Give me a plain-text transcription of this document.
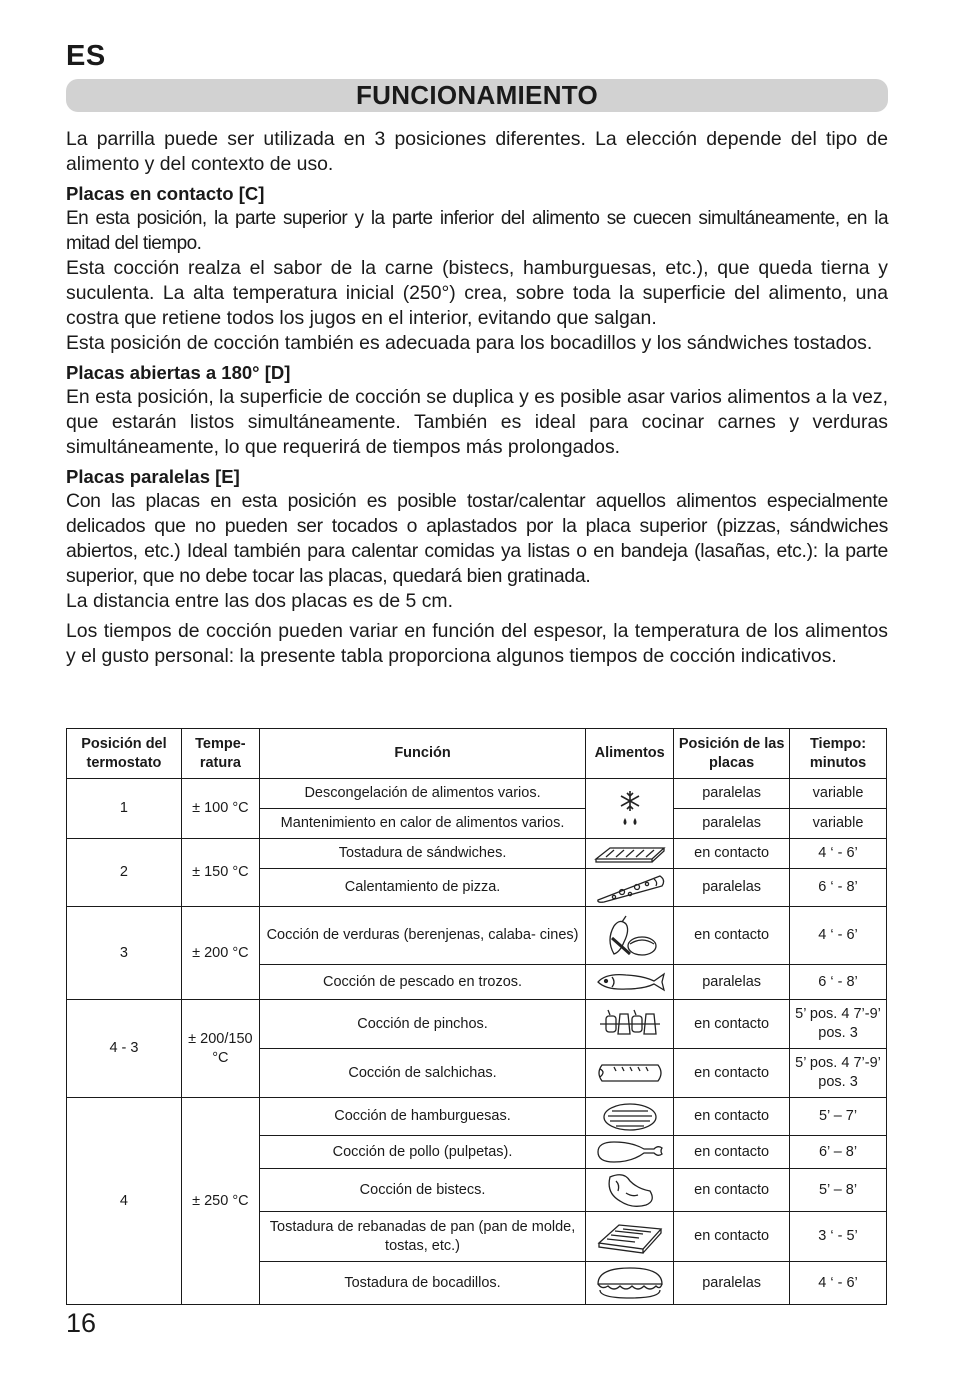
ES
FUNCIONAMIENTO

La parrilla puede ser utilizada en 3 posiciones diferentes. La elección depende del tipo de alimento y del contexto de uso.

Placas en contacto [C]

En esta posición, la parte superior y la parte inferior del alimento se cuecen simultáneamente, en la mitad del tiempo.

Esta cocción realza el sabor de la carne (bistecs, hamburguesas, etc.), que queda tierna y suculenta. La alta temperatura inicial (250°) crea, sobre toda la superficie del alimento, una costra que retiene todos los jugos en el interior, evitando que salgan.

Esta posición de cocción también es adecuada para los bocadillos y los sándwiches tostados.

Placas abiertas a 180° [D]

En esta posición, la superficie de cocción se duplica y es posible asar varios alimentos a la vez, que estarán listos simultáneamente. También es ideal para cocinar carnes y verduras simultáneamente, lo que requerirá de tiempos más prolongados.

Placas paralelas [E]

Con las placas en esta posición es posible tostar/calentar aquellos alimentos especialmente delicados que no pueden ser tocados o aplastados por la placa superior (pizzas, sándwiches abiertos, etc.) Ideal también para calentar comidas ya listas o en bandeja (lasañas, etc.): la parte superior, que no debe tocar las placas, quedará bien gratinada.

La distancia entre las dos placas es de 5 cm.

Los tiempos de cocción pueden variar en función del espesor, la temperatura de los alimentos y el gusto personal: la presente tabla proporciona algunos tiempos de cocción indicativos.

Posición del termostato	Tempe- ratura	Función	Alimentos	Posición de las placas	Tiempo: minutos
1	± 100 °C	Descongelación de alimentos varios.		paralelas	variable
		Mantenimiento en calor de alimentos varios.		paralelas	variable
2	± 150 °C	Tostadura de sándwiches.		en contacto	4 ‘ - 6’
		Calentamiento de pizza.		paralelas	6 ‘ - 8’
3	± 200 °C	Cocción de verduras (berenjenas, calaba- cines)		en contacto	4 ‘ - 6’
		Cocción de pescado en trozos.		paralelas	6 ‘ - 8’
4 - 3	± 200/150 °C	Cocción de pinchos.		en contacto	5’ pos. 4 7’-9’ pos. 3
		Cocción de salchichas.		en contacto	5’ pos. 4 7’-9’ pos. 3
4	± 250 °C	Cocción de hamburguesas.		en contacto	5’ – 7’
		Cocción de pollo (pulpetas).		en contacto	6’ – 8’
		Cocción de bistecs.		en contacto	5’ – 8’
		Tostadura de rebanadas de pan (pan de molde, tostas, etc.)		en contacto	3 ‘ - 5’
		Tostadura de bocadillos.		paralelas	4 ‘ - 6’
16
